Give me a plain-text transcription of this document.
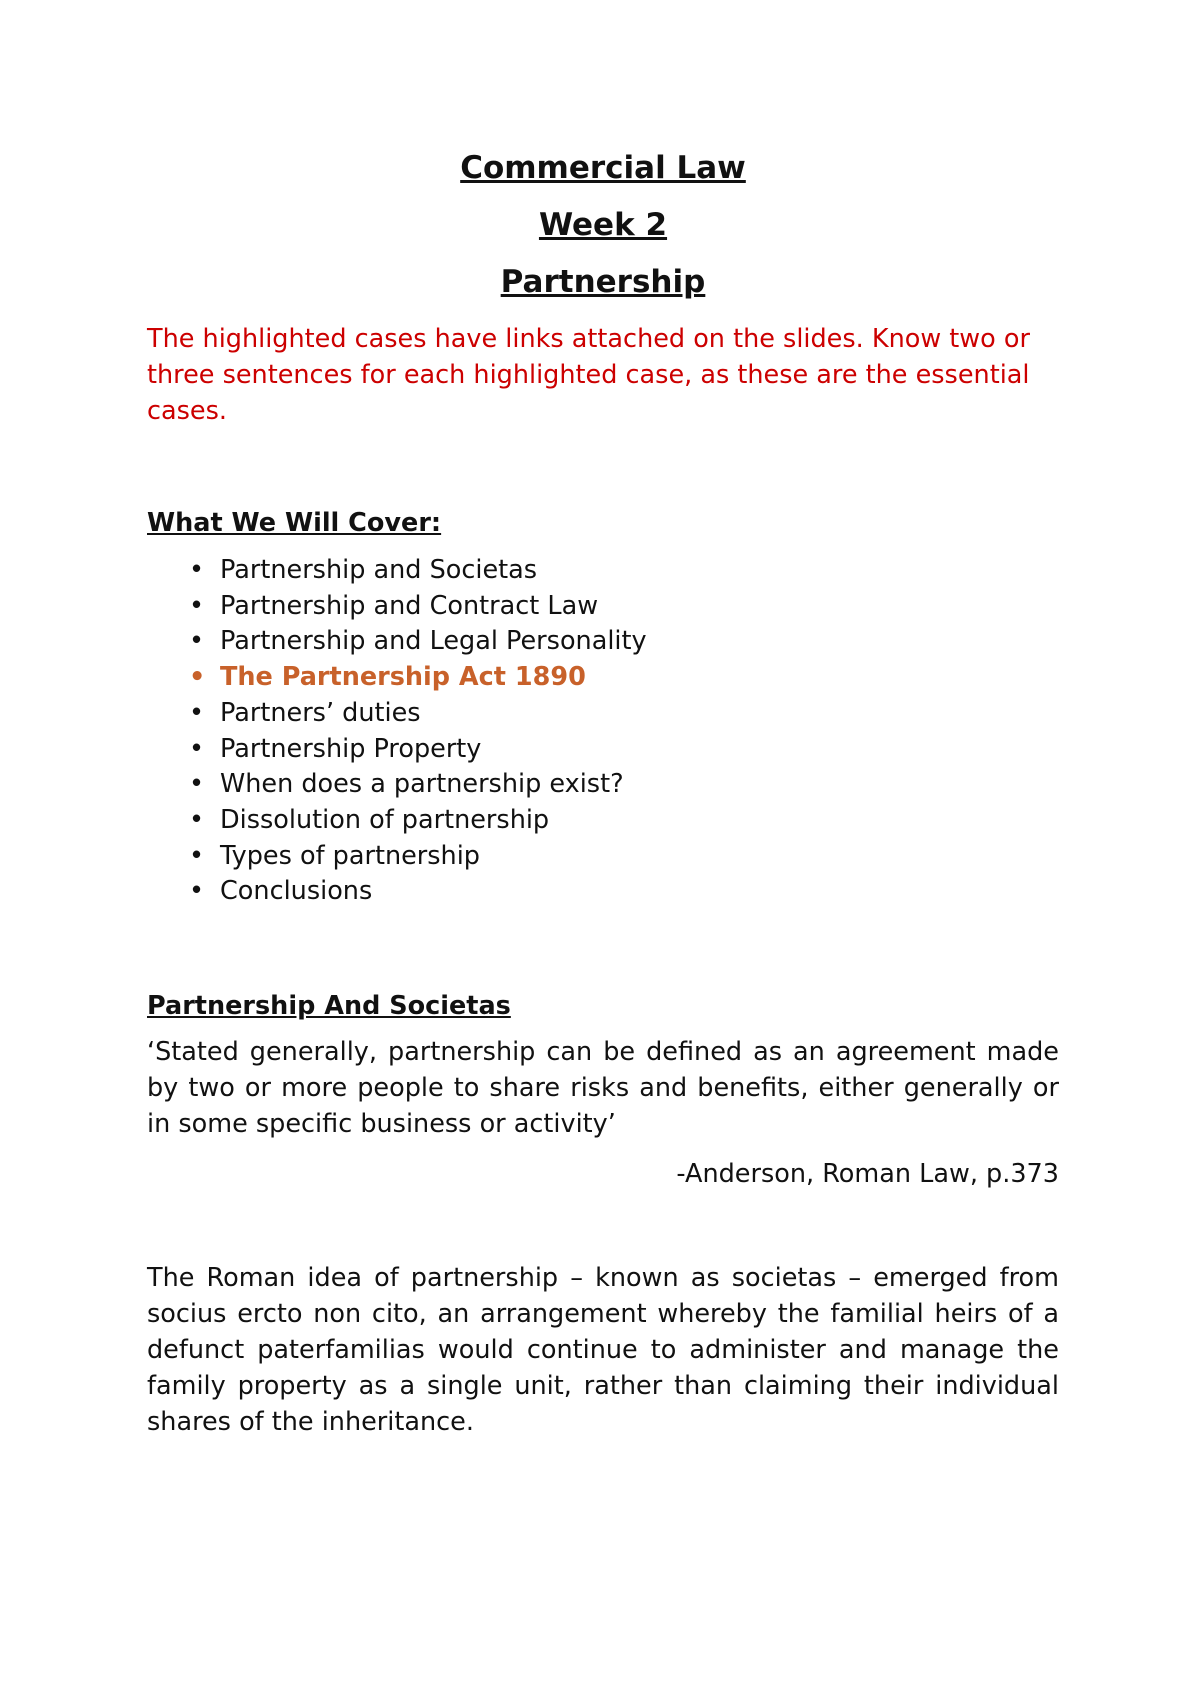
Commercial Law
Week 2
Partnership

The highlighted cases have links attached on the slides. Know two or three sentences for each highlighted case, as these are the essential cases.

What We Will Cover:
• Partnership and Societas
• Partnership and Contract Law
• Partnership and Legal Personality
• The Partnership Act 1890
• Partners’ duties
• Partnership Property
• When does a partnership exist?
• Dissolution of partnership
• Types of partnership
• Conclusions
Partnership And Societas

‘Stated generally, partnership can be defined as an agreement made by two or more people to share risks and benefits, either generally or in some specific business or activity’

-Anderson, Roman Law, p.373

The Roman idea of partnership – known as societas – emerged from socius ercto non cito, an arrangement whereby the familial heirs of a defunct paterfamilias would continue to administer and manage the family property as a single unit, rather than claiming their individual shares of the inheritance.
